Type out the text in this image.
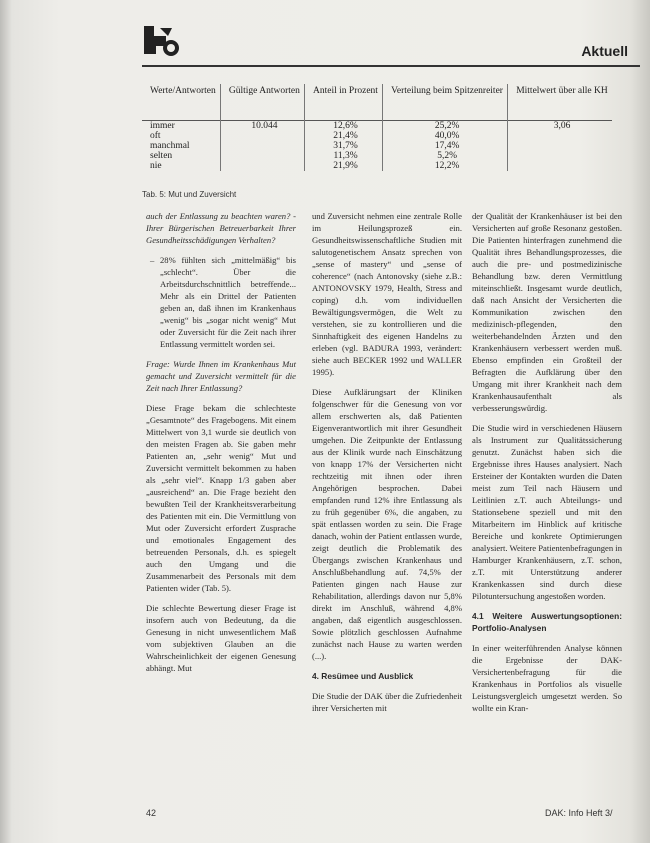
Aktuell
Werte/Antworten	Gültige Antworten	Anteil in Prozent	Verteilung beim Spitzenreiter	Mittelwert über alle KH
immer	10.044	12,6%	25,2%	3,06
oft		21,4%	40,0%	
manchmal		31,7%	17,4%	
selten		11,3%	5,2%	
nie		21,9%	12,2%	
Tab. 5: Mut und Zuversicht

auch der Entlassung zu beachten waren? - Ihrer Bürgerischen Betreuerbarkeit Ihrer Gesundheitsschädigungen Verhalten?

– 28% fühlten sich „mittelmäßig“ bis „schlecht“. Über die Arbeitsdurchschnittlich betreffende... Mehr als ein Drittel der Patienten geben an, daß ihnen im Krankenhaus „wenig“ bis „sogar nicht wenig“ Mut oder Zuversicht für die Zeit nach ihrer Entlassung vermittelt worden sei.

Frage: Wurde Ihnen im Krankenhaus Mut gemacht und Zuversicht vermittelt für die Zeit nach Ihrer Entlassung?

Diese Frage bekam die schlechteste „Gesamtnote“ des Fragebogens. Mit einem Mittelwert von 3,1 wurde sie deutlich von den meisten Fragen ab. Sie gaben mehr Patienten an, „sehr wenig“ Mut und Zuversicht vermittelt bekommen zu haben als „sehr viel“. Knapp 1/3 gaben aber „ausreichend“ an. Die Frage bezieht den bewußten Teil der Krankheitsverarbeitung des Patienten mit ein. Die Vermittlung von Mut oder Zuversicht erfordert Zusprache und emotionales Engagement des betreuenden Personals, d.h. es spiegelt auch den Umgang und die Zusammenarbeit des Personals mit dem Patienten wider (Tab. 5).

Die schlechte Bewertung dieser Frage ist insofern auch von Bedeutung, da die Genesung in nicht unwesentlichem Maß vom subjektiven Glauben an die Wahrscheinlichkeit der eigenen Genesung abhängt. Mut

und Zuversicht nehmen eine zentrale Rolle im Heilungsprozeß ein. Gesundheitswissenschaftliche Studien mit salutogenetischem Ansatz sprechen von „sense of mastery“ und „sense of coherence“ (nach Antonovsky (siehe z.B.: ANTONOVSKY 1979, Health, Stress and coping) d.h. vom individuellen Bewältigungsvermögen, die Welt zu verstehen, sie zu kontrollieren und die Sinnhaftigkeit des eigenen Handelns zu erleben (vgl. BADURA 1993, verändert: siehe auch BECKER 1992 und WALLER 1995).

Diese Aufklärungsart der Kliniken folgenschwer für die Genesung von vor allem erschwerten als, daß Patienten Eigenverantwortlich mit ihrer Gesundheit umgehen. Die Zeitpunkte der Entlassung aus der Klinik wurde nach Einschätzung von knapp 17% der Versicherten nicht rechtzeitig mit ihnen oder ihren Angehörigen besprochen. Dabei empfanden rund 12% ihre Entlassung als zu früh gegenüber 6%, die angaben, zu spät entlassen worden zu sein. Die Frage danach, wohin der Patient entlassen wurde, zeigt deutlich die Problematik des Übergangs zwischen Krankenhaus und Anschlußbehandlung auf. 74,5% der Patienten gingen nach Hause zur Rehabilitation, allerdings davon nur 5,8% direkt im Anschluß, während 4,8% angaben, daß eigentlich ausgeschlossen. Sowie plötzlich geschlossen Aufnahme zunächst nach Hause zu warten werden (...).

4. Resümee und Ausblick

Die Studie der DAK über die Zufriedenheit ihrer Versicherten mit

der Qualität der Krankenhäuser ist bei den Versicherten auf große Resonanz gestoßen. Die Patienten hinterfragen zunehmend die Qualität ihres Behandlungsprozesses, die auch die pre- und postmedizinische Behandlung bzw. deren Vermittlung miteinschließt. Insgesamt wurde deutlich, daß nach Ansicht der Versicherten die Kommunikation zwischen den medizinisch-pflegenden, den weiterbehandelnden Ärzten und den Krankenhäusern verbessert werden muß. Ebenso empfinden ein Großteil der Befragten die Aufklärung über den Umgang mit ihrer Krankheit nach dem Krankenhausaufenthalt als verbesserungswürdig.

Die Studie wird in verschiedenen Häusern als Instrument zur Qualitätssicherung genutzt. Zunächst haben sich die Ergebnisse ihres Hauses analysiert. Nach Ersteiner der Kontakten wurden die Daten meist zum Teil nach Häusern und Leitlinien z.T. auch Abteilungs- und Stationsebene speziell und mit den Mitarbeitern im Hinblick auf kritische Bereiche und konkrete Optimierungen analysiert. Weitere Patientenbefragungen in Hamburger Krankenhäusern, z.T. schon, z.T. mit Unterstützung anderer Krankenkassen sind durch diese Pilotuntersuchung angestoßen worden.

4.1 Weitere Auswertungsoptionen: Portfolio-Analysen

In einer weiterführenden Analyse können die Ergebnisse der DAK-Versichertenbefragung für die Krankenhaus in Portfolios als visuelle Leistungsvergleich umgesetzt werden. So wollte ein Kran-

42	DAK: Info Heft 3/
